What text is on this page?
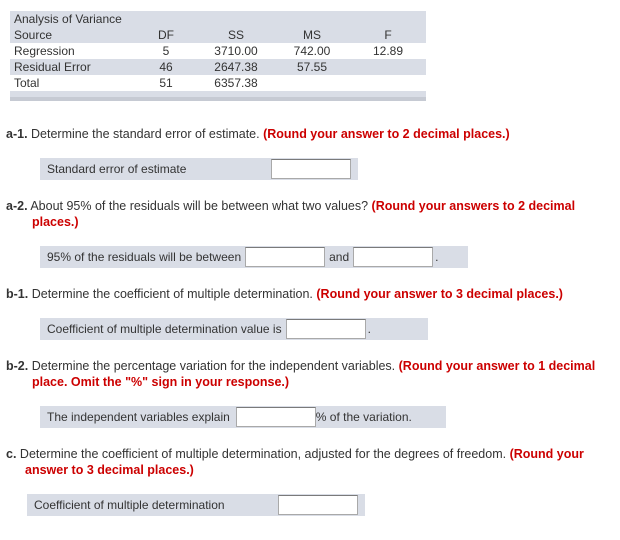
Analysis of Variance
Source	DF	SS	MS	F
Regression	5	3710.00	742.00	12.89
Residual Error	46	2647.38	57.55	
Total	51	6357.38		
a-1. Determine the standard error of estimate. (Round your answer to 2 decimal places.)
Standard error of estimate
a-2. About 95% of the residuals will be between what two values? (Round your answers to 2 decimal
places.)
95% of the residuals will be between	and	.
b-1. Determine the coefficient of multiple determination. (Round your answer to 3 decimal places.)
Coefficient of multiple determination value is	.
b-2. Determine the percentage variation for the independent variables. (Round your answer to 1 decimal
place. Omit the "%" sign in your response.)
The independent variables explain	% of the variation.
c. Determine the coefficient of multiple determination, adjusted for the degrees of freedom. (Round your
answer to 3 decimal places.)
Coefficient of multiple determination
